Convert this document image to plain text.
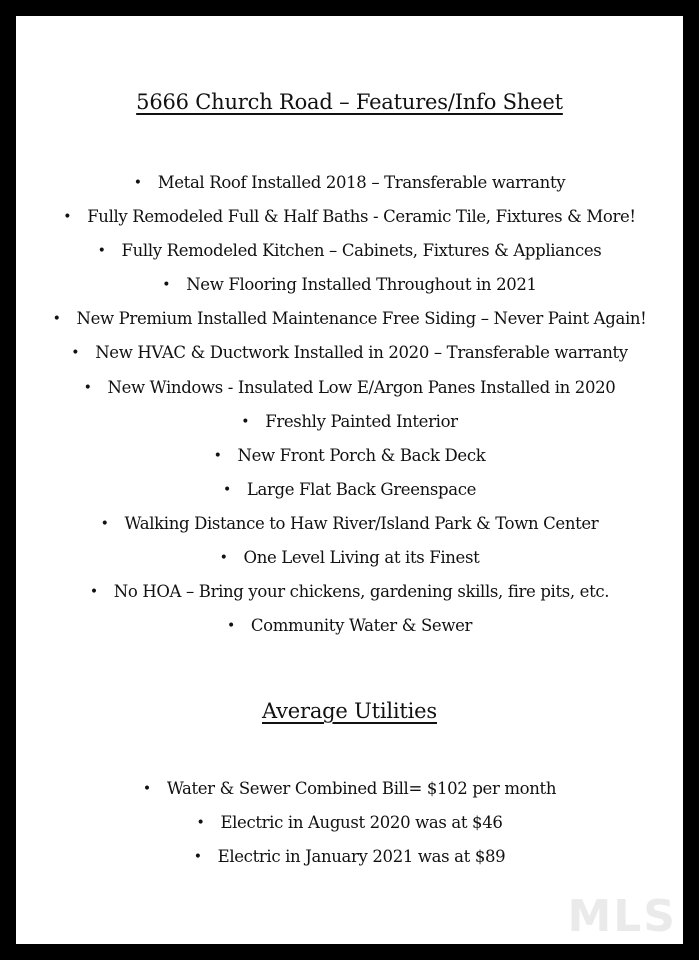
5666 Church Road – Features/Info Sheet
• Metal Roof Installed 2018 – Transferable warranty
• Fully Remodeled Full & Half Baths - Ceramic Tile, Fixtures & More!
• Fully Remodeled Kitchen – Cabinets, Fixtures & Appliances
• New Flooring Installed Throughout in 2021
• New Premium Installed Maintenance Free Siding – Never Paint Again!
• New HVAC & Ductwork Installed in 2020 – Transferable warranty
• New Windows - Insulated Low E/Argon Panes Installed in 2020
• Freshly Painted Interior
• New Front Porch & Back Deck
• Large Flat Back Greenspace
• Walking Distance to Haw River/Island Park & Town Center
• One Level Living at its Finest
• No HOA – Bring your chickens, gardening skills, fire pits, etc.
• Community Water & Sewer
Average Utilities
• Water & Sewer Combined Bill= $102 per month
• Electric in August 2020 was at $46
• Electric in January 2021 was at $89
MLS
